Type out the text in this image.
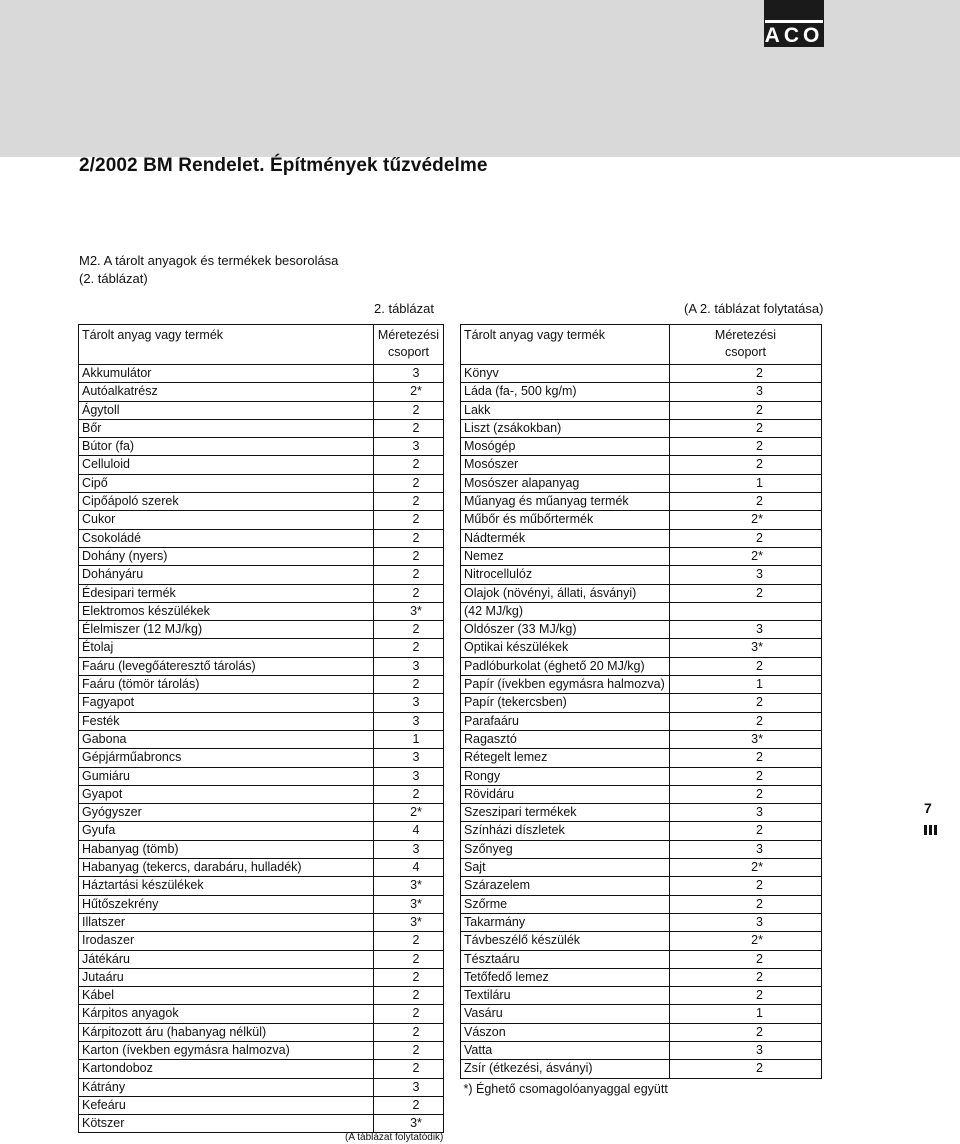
ACO
2/2002 BM Rendelet. Építmények tűzvédelme
M2. A tárolt anyagok és termékek besorolása
(2. táblázat)
2. táblázat	(A 2. táblázat folytatása)
Tárolt anyag vagy termék	Méretezési
csoport

Akkumulátor	3
Autóalkatrész	2*
Ágytoll	2
Bőr	2
Bútor (fa)	3
Celluloid	2
Cipő	2
Cipőápoló szerek	2
Cukor	2
Csokoládé	2
Dohány (nyers)	2
Dohányáru	2
Édesipari termék	2
Elektromos készülékek	3*
Élelmiszer (12 MJ/kg)	2
Étolaj	2
Faáru (levegőáteresztő tárolás)	3
Faáru (tömör tárolás)	2
Fagyapot	3
Festék	3
Gabona	1
Gépjárműabroncs	3
Gumiáru	3
Gyapot	2
Gyógyszer	2*
Gyufa	4
Habanyag (tömb)	3
Habanyag (tekercs, darabáru, hulladék)	4
Háztartási készülékek	3*
Hűtőszekrény	3*
Illatszer	3*
Irodaszer	2
Játékáru	2
Jutaáru	2
Kábel	2
Kárpitos anyagok	2
Kárpitozott áru (habanyag nélkül)	2
Karton (ívekben egymásra halmozva)	2
Kartondoboz	2
Kátrány	3
Kefeáru	2
Kötszer	3*
Tárolt anyag vagy termék	Méretezési
csoport

Könyv	2
Láda (fa-, 500 kg/m)	3
Lakk	2
Liszt (zsákokban)	2
Mosógép	2
Mosószer	2
Mosószer alapanyag	1
Műanyag és műanyag termék	2
Műbőr és műbőrtermék	2*
Nádtermék	2
Nemez	2*
Nitrocellulóz	3
Olajok (növényi, állati, ásványi)	2
(42 MJ/kg)	
Oldószer (33 MJ/kg)	3
Optikai készülékek	3*
Padlóburkolat (éghető 20 MJ/kg)	2
Papír (ívekben egymásra halmozva)	1
Papír (tekercsben)	2
Parafaáru	2
Ragasztó	3*
Rétegelt lemez	2
Rongy	2
Rövidáru	2
Szeszipari termékek	3
Színházi díszletek	2
Szőnyeg	3
Sajt	2*
Szárazelem	2
Szőrme	2
Takarmány	3
Távbeszélő készülék	2*
Tésztaáru	2
Tetőfedő lemez	2
Textiláru	2
Vasáru	1
Vászon	2
Vatta	3
Zsír (étkezési, ásványi)	2
*) Éghető csomagolóanyaggal együtt	
(A táblázat folytatódik)
7
